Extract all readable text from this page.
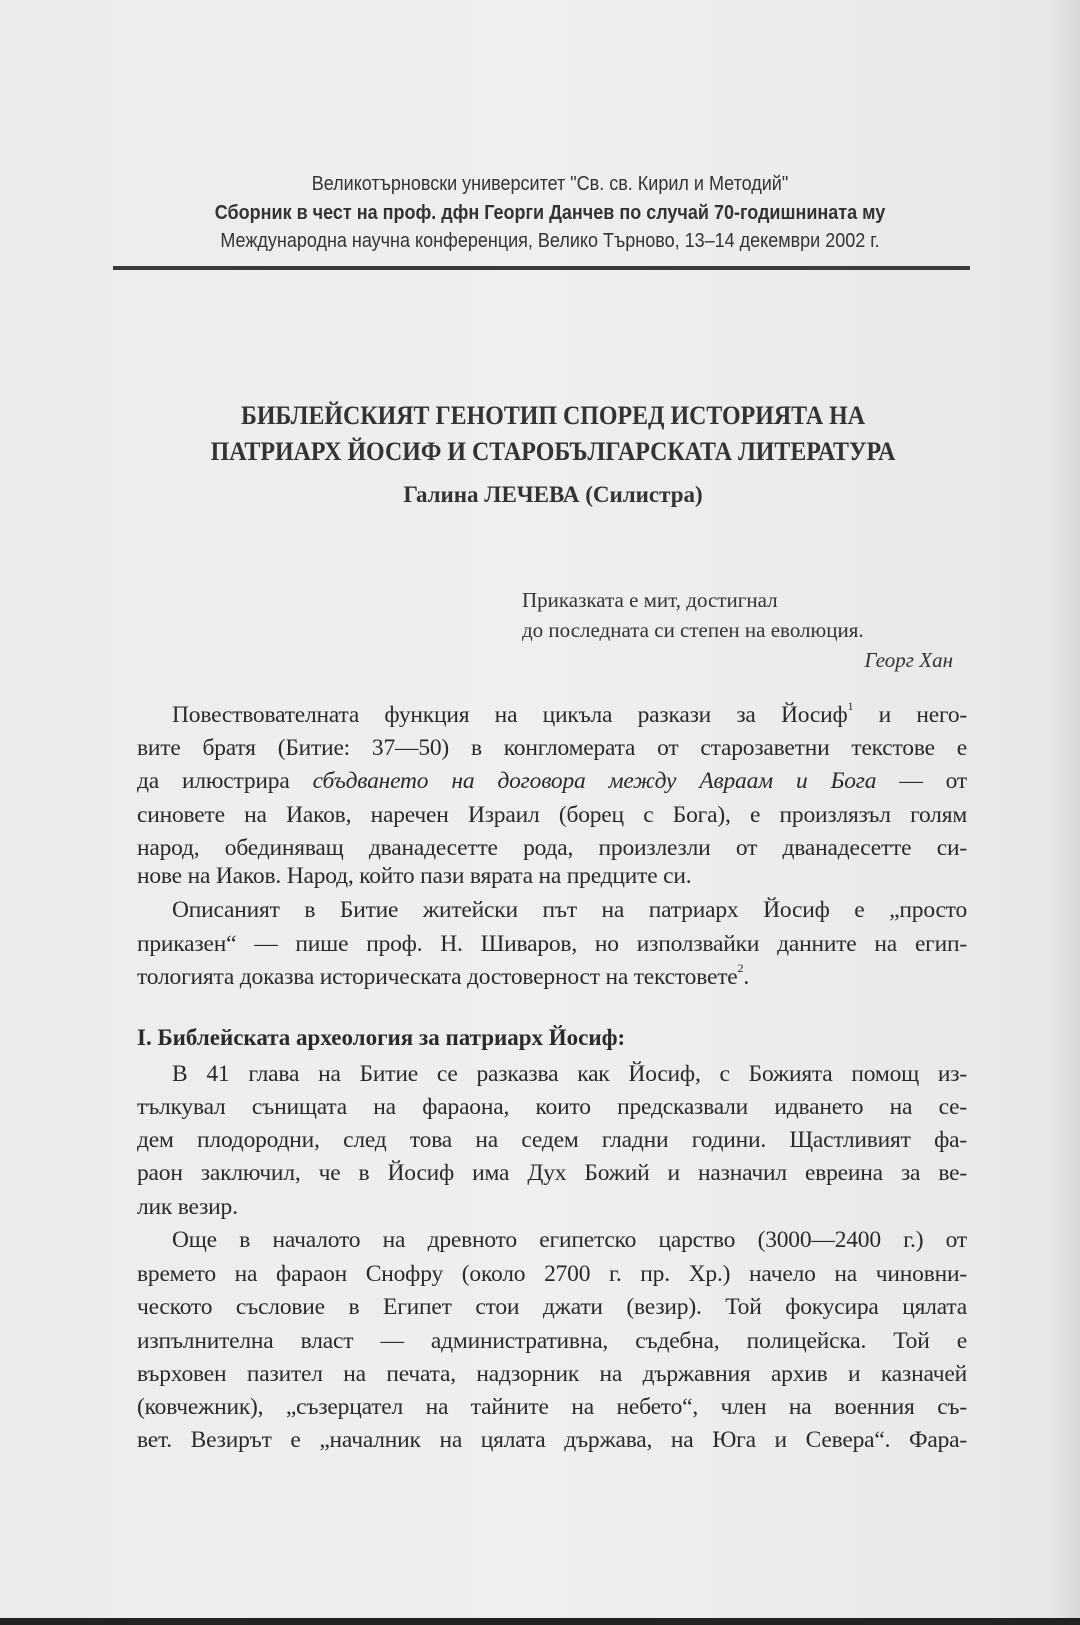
Великотърновски университет "Св. св. Кирил и Методий"
Сборник в чест на проф. дфн Георги Данчев по случай 70-годишнината му
Международна научна конференция, Велико Търново, 13–14 декември 2002 г.
БИБЛЕЙСКИЯТ ГЕНОТИП СПОРЕД ИСТОРИЯТА НА
ПАТРИАРХ ЙОСИФ И СТАРОБЪЛГАРСКАТА ЛИТЕРАТУРА
Галина ЛЕЧЕВА (Силистра)
Приказката е мит, достигнал
до последната си степен на еволюция.
Георг Хан
Повествователната функция на цикъла разкази за Йосиф$^1$ и него-
вите братя (Битие: 37—50) в конгломерата от старозаветни текстове е
да илюстрира сбъдването на договора между Авраам и Бога — от
синовете на Иаков, наречен Израил (борец с Бога), е произлязъл голям
народ, обединяващ дванадесетте рода, произлезли от дванадесетте си-
нове на Иаков. Народ, който пази вярата на предците си.
Описаният в Битие житейски път на патриарх Йосиф е „просто
приказен“ — пише проф. Н. Шиваров, но използвайки данните на егип-
тологията доказва историческата достоверност на текстовете$^2$.
I. Библейската археология за патриарх Йосиф:
В 41 глава на Битие се разказва как Йосиф, с Божията помощ из-
тълкувал сънищата на фараона, които предсказвали идването на се-
дем плодородни, след това на седем гладни години. Щастливият фа-
раон заключил, че в Йосиф има Дух Божий и назначил евреина за ве-
лик везир.
Още в началото на древното египетско царство (3000—2400 г.) от
времето на фараон Снофру (около 2700 г. пр. Хр.) начело на чиновни-
ческото съсловие в Египет стои джати (везир). Той фокусира цялата
изпълнителна власт — административна, съдебна, полицейска. Той е
върховен пазител на печата, надзорник на държавния архив и казначей
(ковчежник), „съзерцател на тайните на небето“, член на военния съ-
вет. Везирът е „началник на цялата държава, на Юга и Севера“. Фара-
